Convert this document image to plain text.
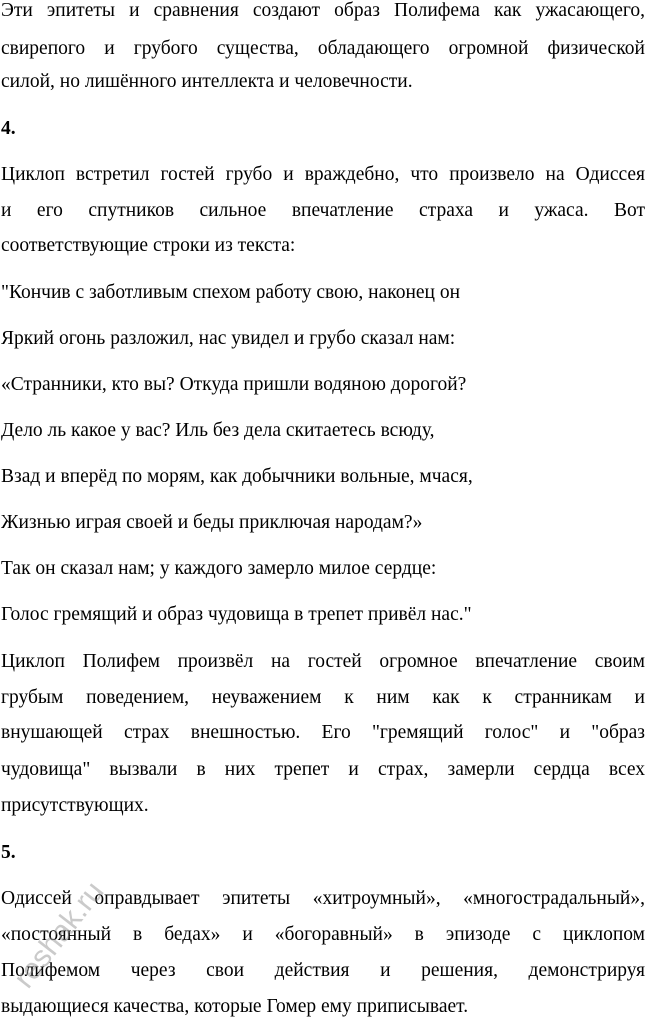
Эти эпитеты и сравнения создают образ Полифема как ужасающего,

свирепого и грубого существа, обладающего огромной физической

силой, но лишённого интеллекта и человечности.

4.

Циклоп встретил гостей грубо и враждебно, что произвело на Одиссея

и его спутников сильное впечатление страха и ужаса. Вот

соответствующие строки из текста:

"Кончив с заботливым спехом работу свою, наконец он

Яркий огонь разложил, нас увидел и грубо сказал нам:

«Странники, кто вы? Откуда пришли водяною дорогой?

Дело ль какое у вас? Иль без дела скитаетесь всюду,

Взад и вперёд по морям, как добычники вольные, мчася,

Жизнью играя своей и беды приключая народам?»

Так он сказал нам; у каждого замерло милое сердце:

Голос гремящий и образ чудовища в трепет привёл нас."

Циклоп Полифем произвёл на гостей огромное впечатление своим

грубым поведением, неуважением к ним как к странникам и

внушающей страх внешностью. Его "гремящий голос" и "образ

чудовища" вызвали в них трепет и страх, замерли сердца всех

присутствующих.

5.

Одиссей оправдывает эпитеты «хитроумный», «многострадальный»,

«постоянный в бедах» и «богоравный» в эпизоде с циклопом

Полифемом через свои действия и решения, демонстрируя

выдающиеся качества, которые Гомер ему приписывает.

reshak.ru
